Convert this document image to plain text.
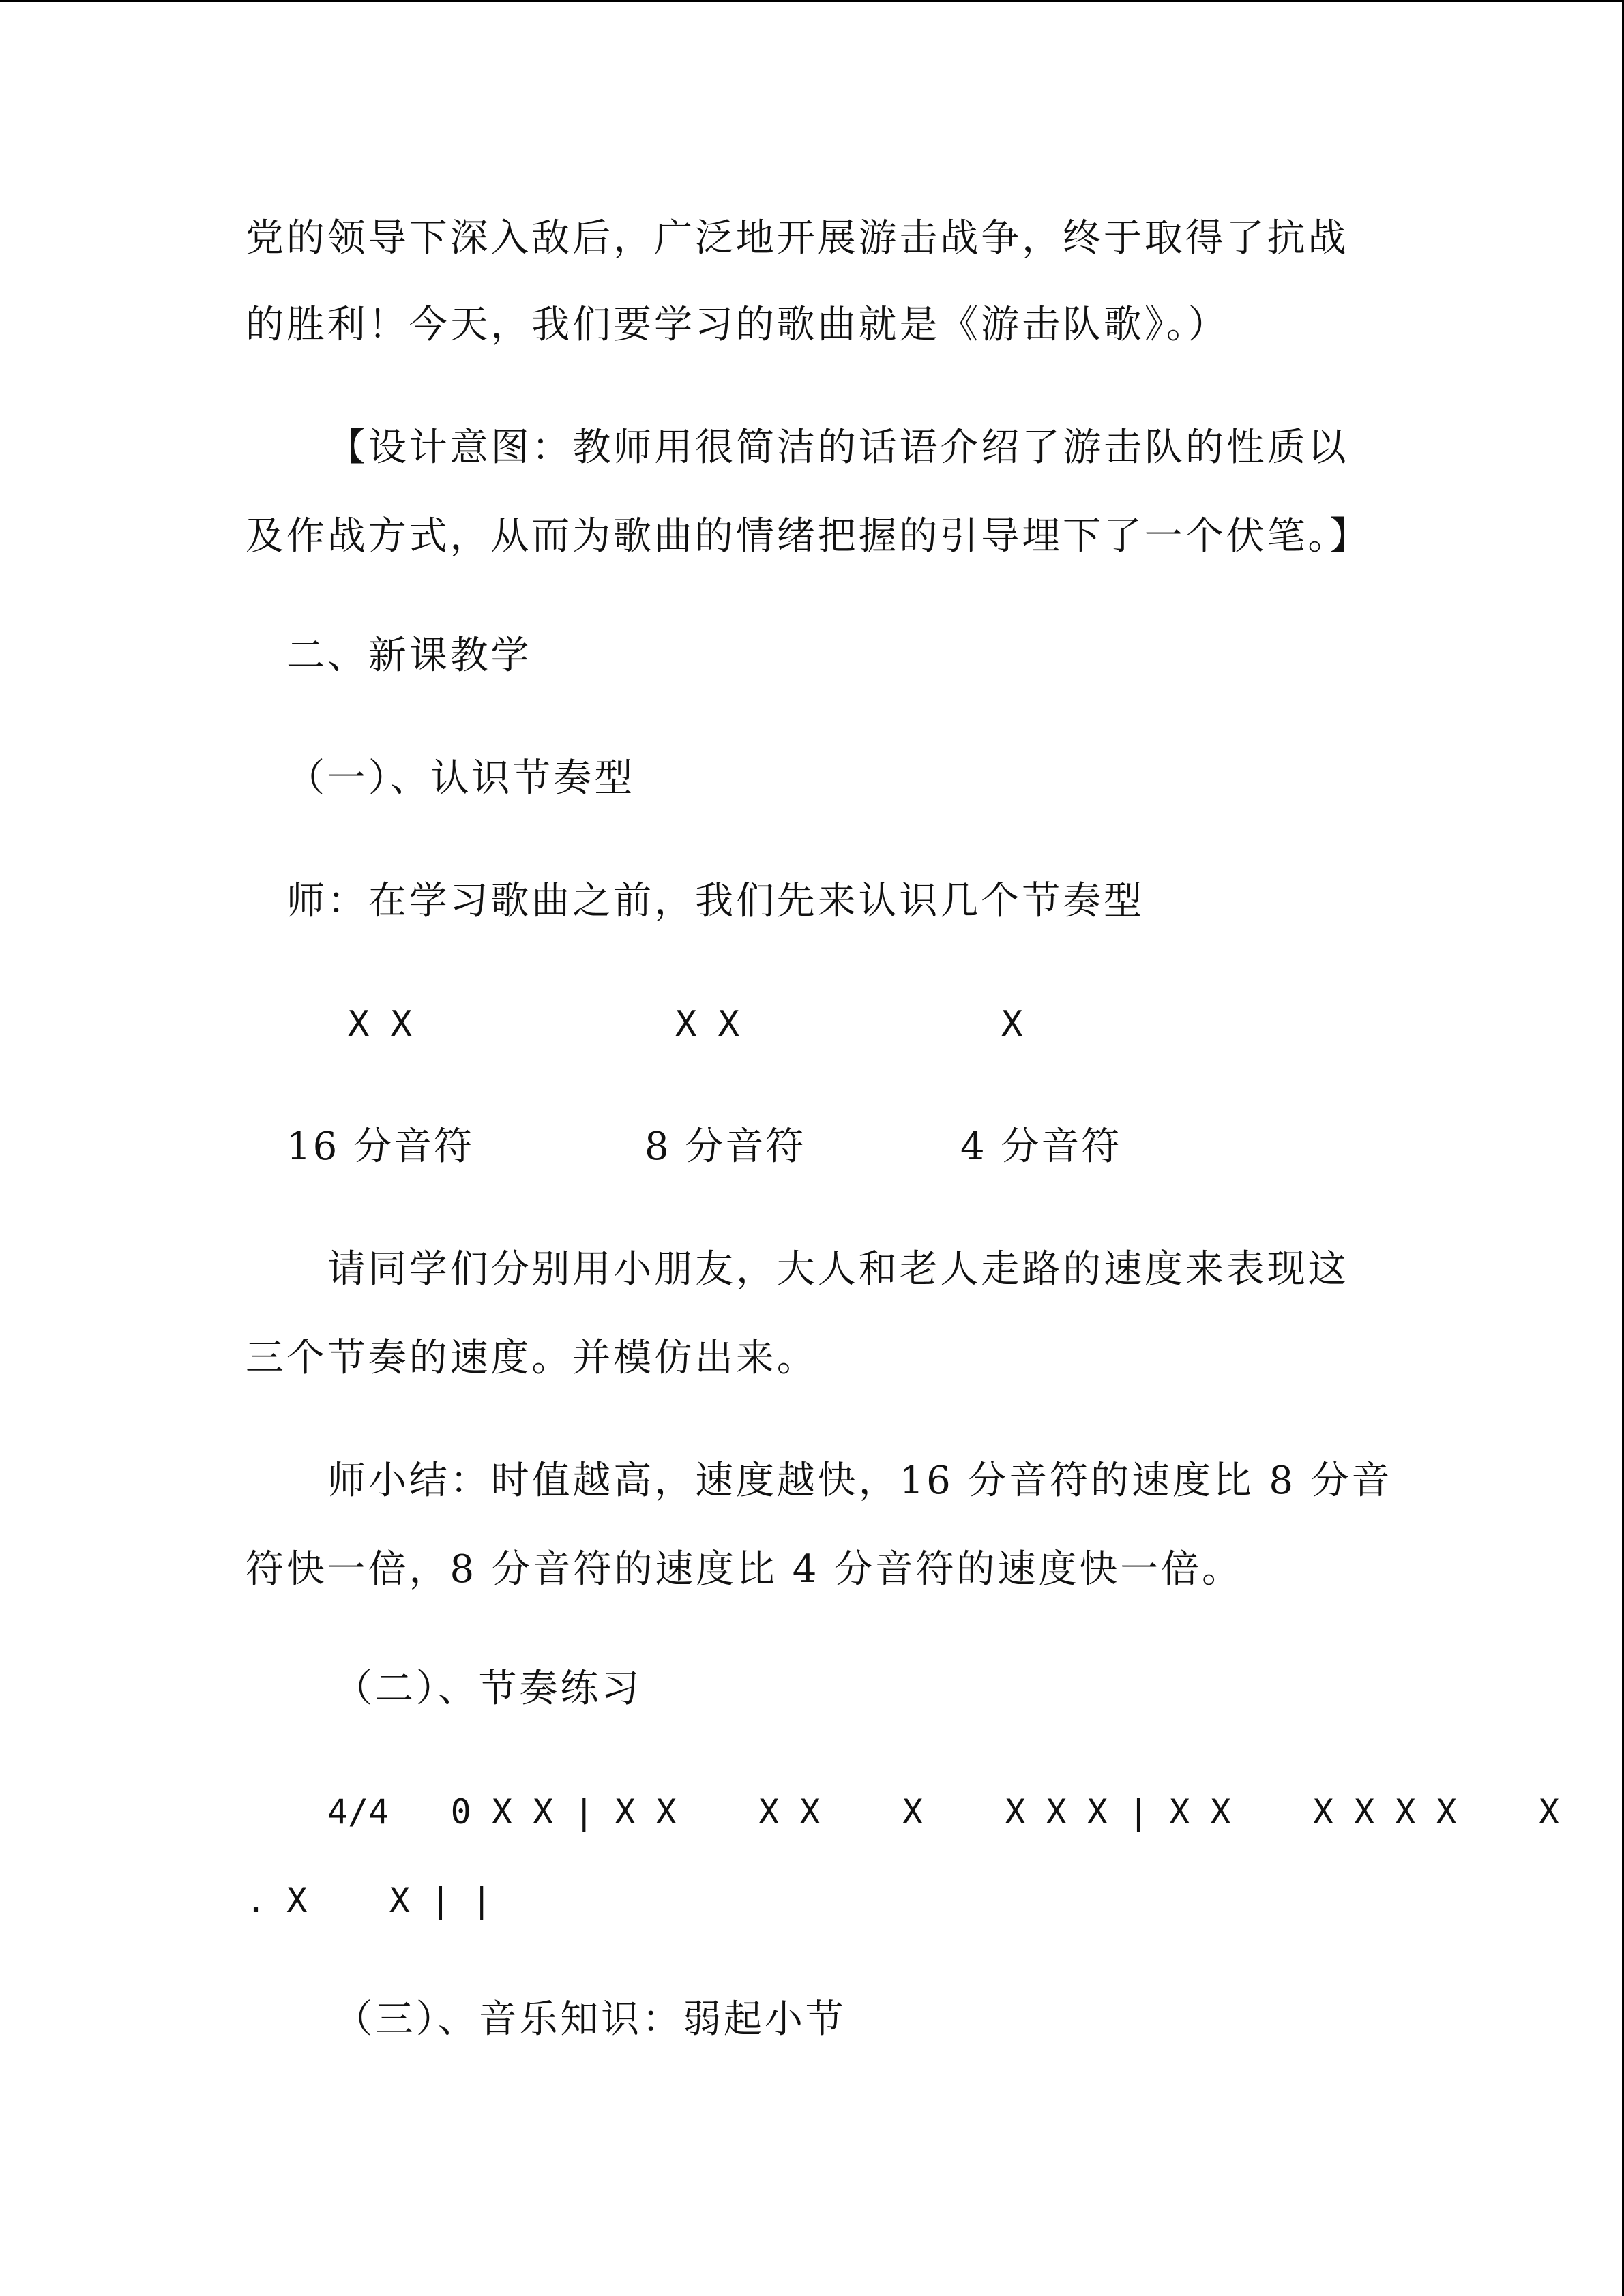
党的领导下深入敌后，广泛地开展游击战争，终于取得了抗战

的胜利！今天，我们要学习的歌曲就是《游击队歌》。）

【设计意图：教师用很简洁的话语介绍了游击队的性质以

及作战方式，从而为歌曲的情绪把握的引导埋下了一个伏笔。】

二、新课教学

（一）、认识节奏型

师：在学习歌曲之前，我们先来认识几个节奏型

X X	X X	X
16 分音符	8 分音符	4 分音符

请同学们分别用小朋友，大人和老人走路的速度来表现这

三个节奏的速度。并模仿出来。

师小结：时值越高，速度越快，16 分音符的速度比 8 分音

符快一倍，8 分音符的速度比 4 分音符的速度快一倍。

（二）、节奏练习

4/4   0 X X | X X    X X    X    X X X | X X    X X X X    X

. X    X | |

（三）、音乐知识：弱起小节
